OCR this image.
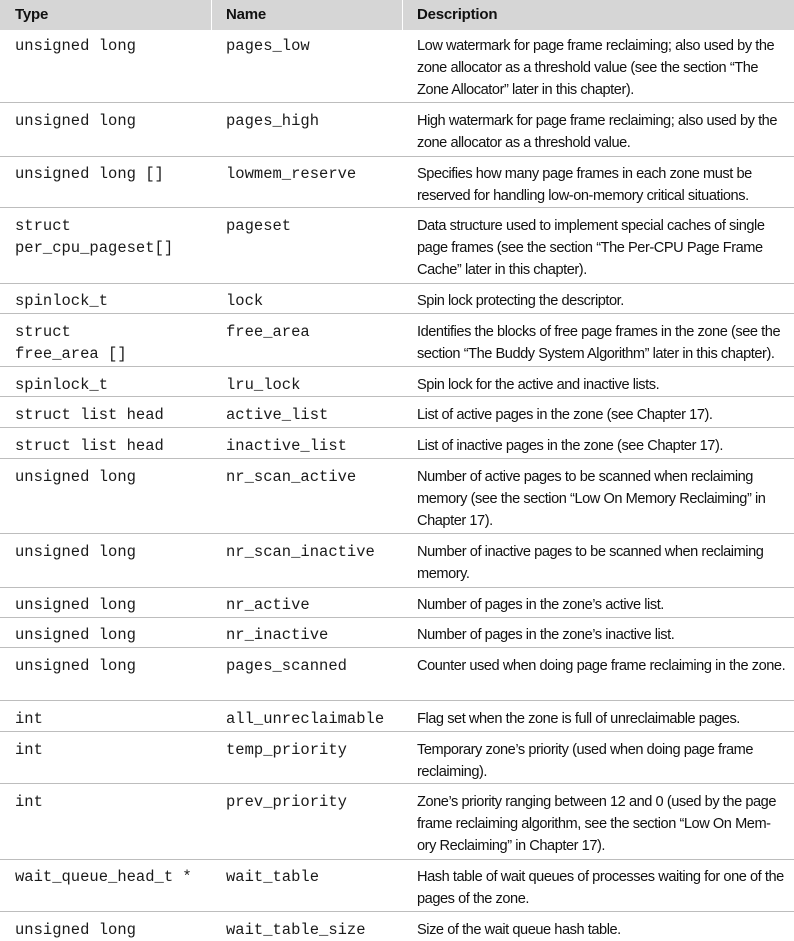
Type	Name	Description
unsigned long	pages_low	Low watermark for page frame reclaiming; also used by the zone allocator as a threshold value (see the section “The Zone Allocator” later in this chapter).
unsigned long	pages_high	High watermark for page frame reclaiming; also used by the zone allocator as a threshold value.
unsigned long []	lowmem_reserve	Specifies how many page frames in each zone must be reserved for handling low-on-memory critical situations.
struct
per_cpu_pageset[]
pageset	Data structure used to implement special caches of single page frames (see the section “The Per-CPU Page Frame Cache” later in this chapter).
spinlock_t	lock	Spin lock protecting the descriptor.
struct
free_area []
free_area	Identifies the blocks of free page frames in the zone (see the section “The Buddy System Algorithm” later in this chapter).
spinlock_t	lru_lock	Spin lock for the active and inactive lists.
struct list head	active_list	List of active pages in the zone (see Chapter 17).
struct list head	inactive_list	List of inactive pages in the zone (see Chapter 17).
unsigned long	nr_scan_active	Number of active pages to be scanned when reclaiming memory (see the section “Low On Memory Reclaiming” in Chapter 17).
unsigned long	nr_scan_inactive	Number of inactive pages to be scanned when reclaiming memory.
unsigned long	nr_active	Number of pages in the zone’s active list.
unsigned long	nr_inactive	Number of pages in the zone’s inactive list.
unsigned long	pages_scanned	Counter used when doing page frame reclaiming in the zone.
int	all_unreclaimable	Flag set when the zone is full of unreclaimable pages.
int	temp_priority	Temporary zone’s priority (used when doing page frame reclaiming).
int	prev_priority	Zone’s priority ranging between 12 and 0 (used by the page frame reclaiming algorithm, see the section “Low On Mem- ory Reclaiming” in Chapter 17).
wait_queue_head_t *	wait_table	Hash table of wait queues of processes waiting for one of the pages of the zone.
unsigned long	wait_table_size	Size of the wait queue hash table.
